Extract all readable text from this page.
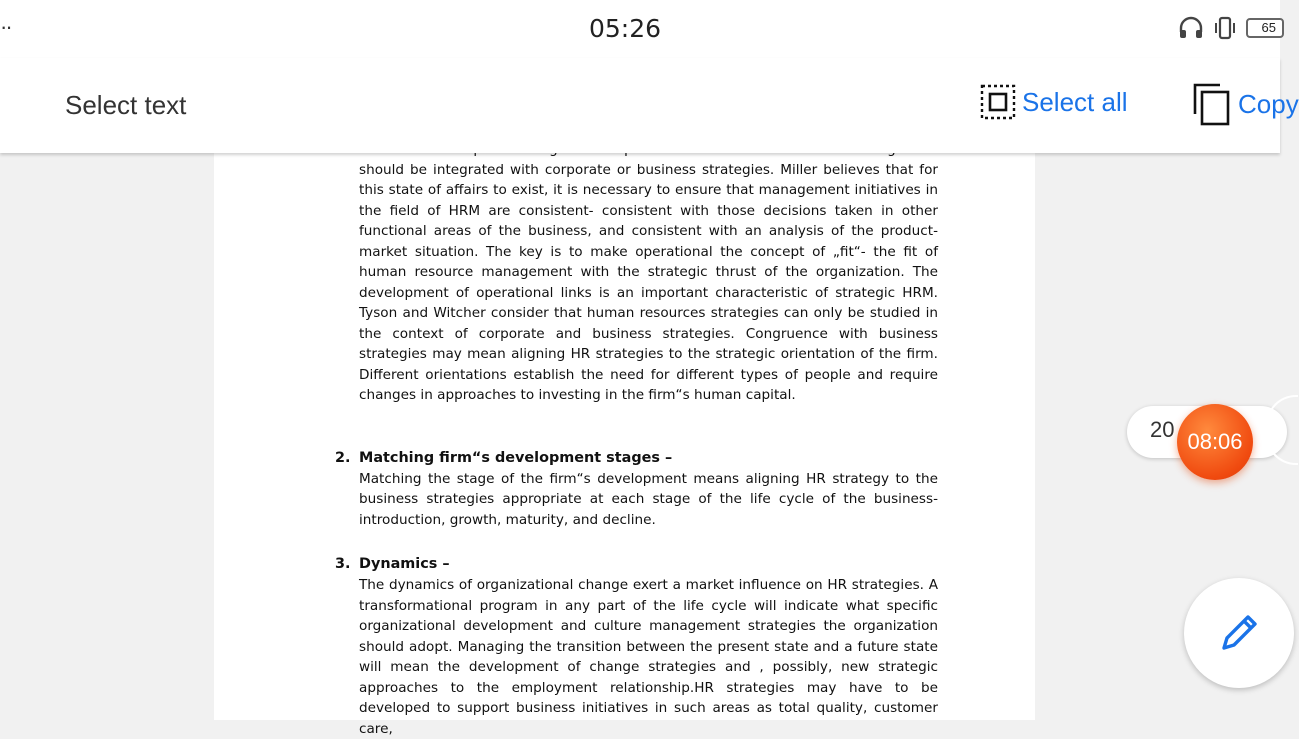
··	05:26	65
Select text	Select all	Copy

should be integrated with corporate or business strategies. Miller believes that for this state of affairs to exist, it is necessary to ensure that management initiatives in the field of HRM are consistent- consistent with those decisions taken in other functional areas of the business, and consistent with an analysis of the product-market situation. The key is to make operational the concept of „fit“- the fit of human resource management with the strategic thrust of the organization. The development of operational links is an important characteristic of strategic HRM. Tyson and Witcher consider that human resources strategies can only be studied in the context of corporate and business strategies. Congruence with business strategies may mean aligning HR strategies to the strategic orientation of the firm. Different orientations establish the need for different types of people and require changes in approaches to investing in the firm“s human capital.

2. Matching firm“s development stages –

Matching the stage of the firm“s development means aligning HR strategy to the business strategies appropriate at each stage of the life cycle of the business-introduction, growth, maturity, and decline.

3. Dynamics –

The dynamics of organizational change exert a market influence on HR strategies. A transformational program in any part of the life cycle will indicate what specific organizational development and culture management strategies the organization should adopt. Managing the transition between the present state and a future state will mean the development of change strategies and , possibly, new strategic approaches to the employment relationship.HR strategies may have to be developed to support business initiatives in such areas as total quality, customer care,

20 08:06
